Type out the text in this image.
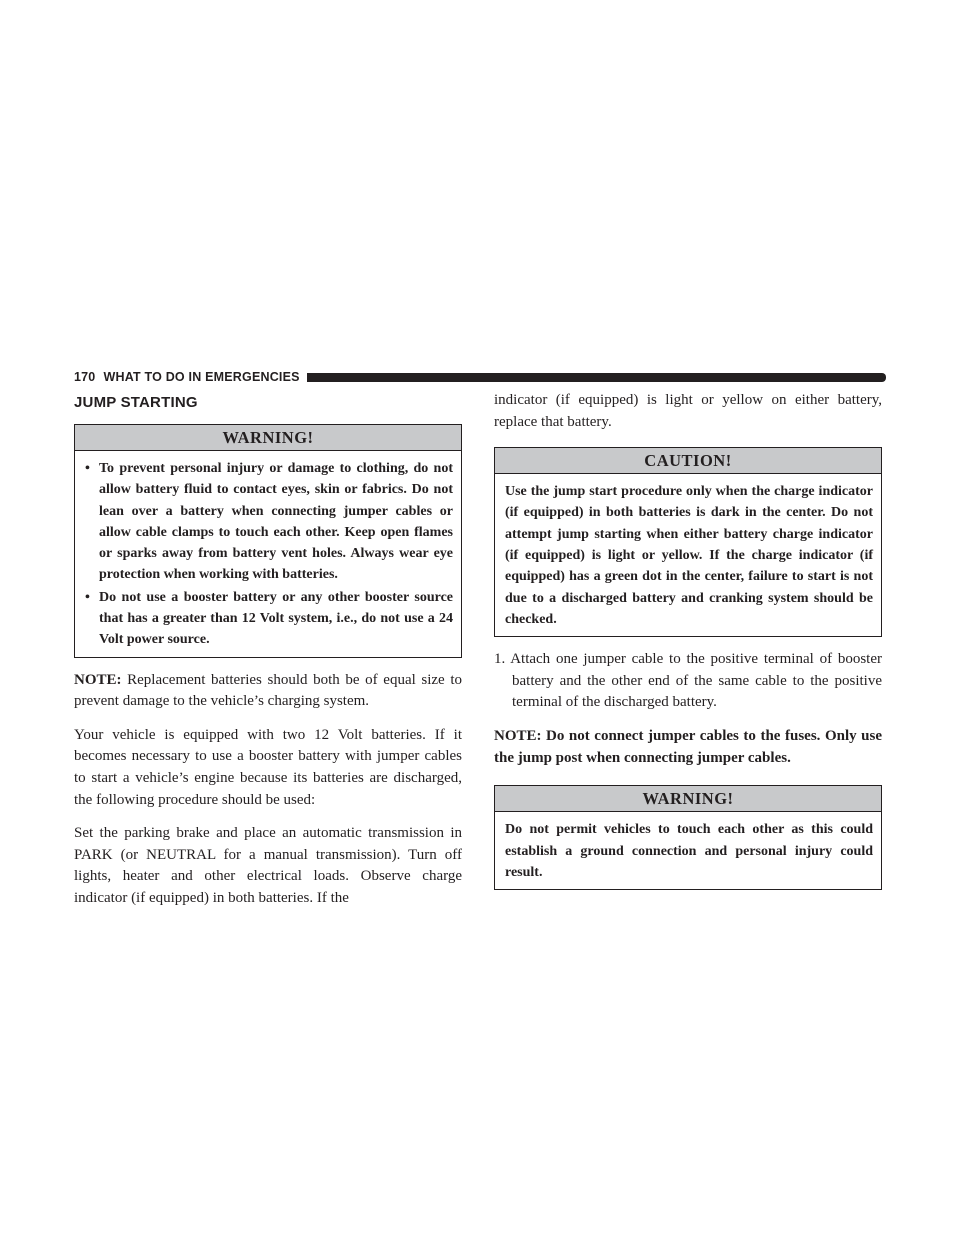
170 WHAT TO DO IN EMERGENCIES
JUMP STARTING
WARNING!
• To prevent personal injury or damage to clothing, do not allow battery fluid to contact eyes, skin or fabrics. Do not lean over a battery when connecting jumper cables or allow cable clamps to touch each other. Keep open flames or sparks away from battery vent holes. Always wear eye protection when working with batteries.
• Do not use a booster battery or any other booster source that has a greater than 12 Volt system, i.e., do not use a 24 Volt power source.

NOTE: Replacement batteries should both be of equal size to prevent damage to the vehicle’s charging system.

Your vehicle is equipped with two 12 Volt batteries. If it becomes necessary to use a booster battery with jumper cables to start a vehicle’s engine because its batteries are discharged, the following procedure should be used:

Set the parking brake and place an automatic transmission in PARK (or NEUTRAL for a manual transmission). Turn off lights, heater and other electrical loads. Observe charge indicator (if equipped) in both batteries. If the

indicator (if equipped) is light or yellow on either battery, replace that battery.

CAUTION!
Use the jump start procedure only when the charge indicator (if equipped) in both batteries is dark in the center. Do not attempt jump starting when either battery charge indicator (if equipped) is light or yellow. If the charge indicator (if equipped) has a green dot in the center, failure to start is not due to a discharged battery and cranking system should be checked.

1. Attach one jumper cable to the positive terminal of booster battery and the other end of the same cable to the positive terminal of the discharged battery.

NOTE: Do not connect jumper cables to the fuses. Only use the jump post when connecting jumper cables.

WARNING!
Do not permit vehicles to touch each other as this could establish a ground connection and personal injury could result.
